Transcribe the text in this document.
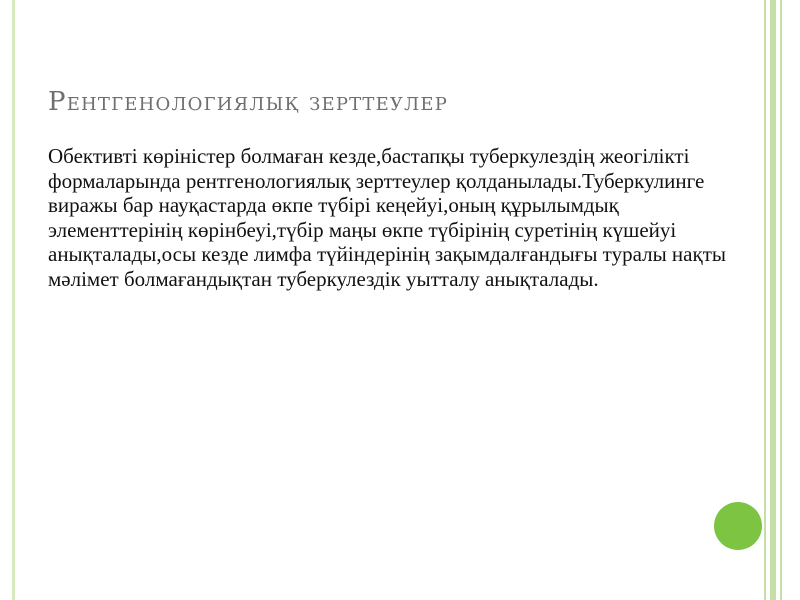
Рентгенологиялық зерттеулер

Обективті көріністер болмаған кезде,бастапқы туберкулездің жеогілікті формаларында рентгенологиялық зерттеулер қолданылады.Туберкулинге виражы бар науқастарда өкпе түбірі кеңейуі,оның құрылымдық элементтерінің көрінбеуі,түбір маңы өкпе түбірінің суретінің күшейуі анықталады,осы кезде лимфа түйіндерінің зақымдалғандығы туралы нақты мәлімет болмағандықтан туберкулездік уытталу анықталады.
